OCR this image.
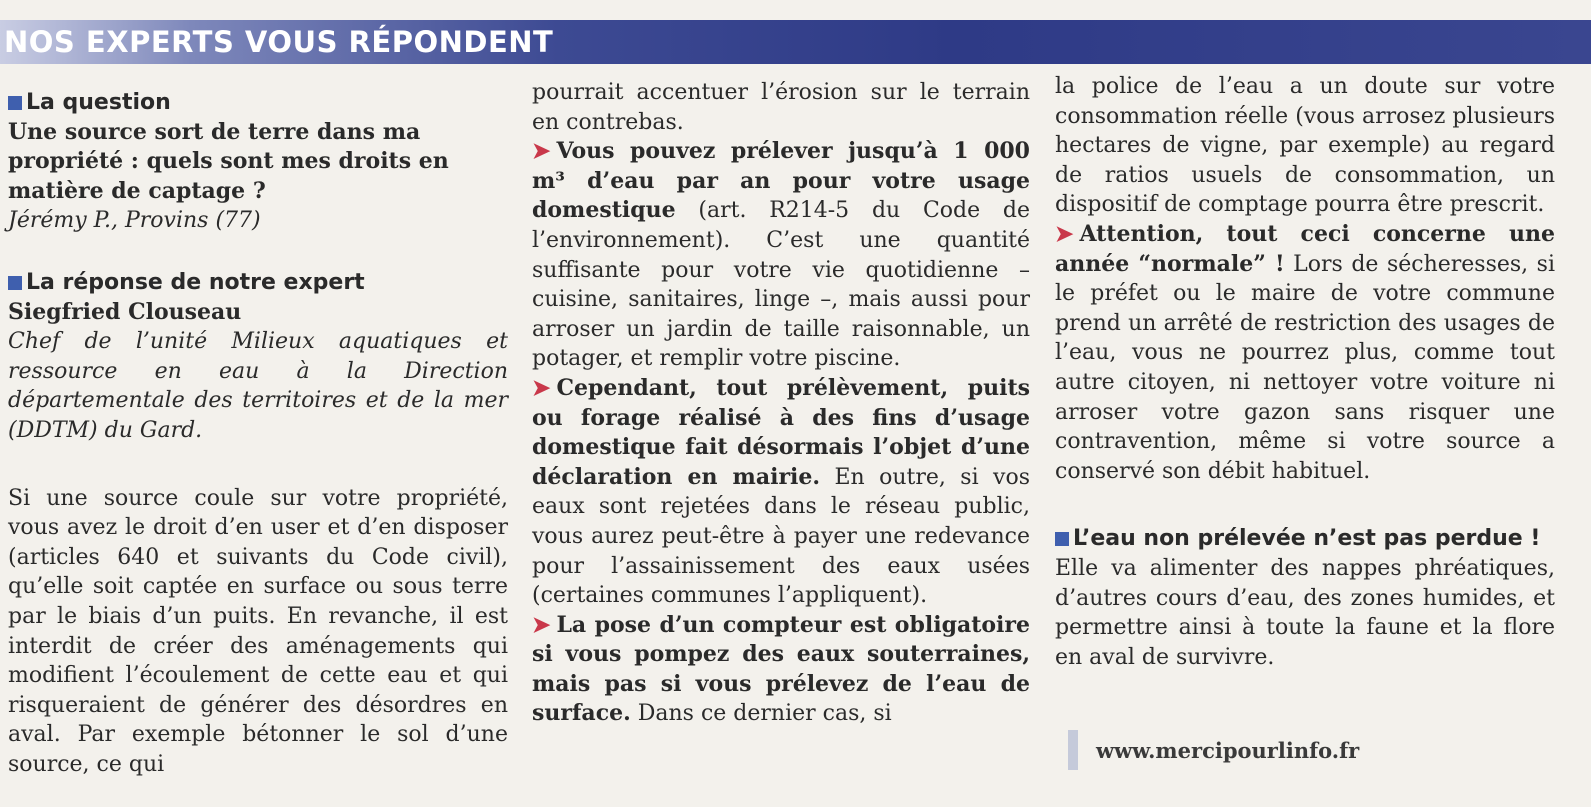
NOS EXPERTS VOUS RÉPONDENT
La question

Une source sort de terre dans ma propriété : quels sont mes droits en matière de captage ?

Jérémy P., Provins (77)

La réponse de notre expert

Siegfried Clouseau

Chef de l’unité Milieux aquatiques et ressource en eau à la Direction départementale des territoires et de la mer (DDTM) du Gard.

Si une source coule sur votre propriété, vous avez le droit d’en user et d’en disposer (articles 640 et suivants du Code civil), qu’elle soit captée en surface ou sous terre par le biais d’un puits. En revanche, il est interdit de créer des aménagements qui modifient l’écoulement de cette eau et qui risqueraient de générer des désordres en aval. Par exemple bétonner le sol d’une source, ce qui

pourrait accentuer l’érosion sur le terrain en contrebas.

➤ Vous pouvez prélever jusqu’à 1 000 m³ d’eau par an pour votre usage domestique (art. R214-5 du Code de l’environnement). C’est une quantité suffisante pour votre vie quotidienne – cuisine, sanitaires, linge –, mais aussi pour arroser un jardin de taille raisonnable, un potager, et remplir votre piscine.

➤ Cependant, tout prélèvement, puits ou forage réalisé à des fins d’usage domestique fait désormais l’objet d’une déclaration en mairie. En outre, si vos eaux sont rejetées dans le réseau public, vous aurez peut-être à payer une redevance pour l’assainissement des eaux usées (certaines communes l’appliquent).

➤ La pose d’un compteur est obligatoire si vous pompez des eaux souterraines, mais pas si vous prélevez de l’eau de surface. Dans ce dernier cas, si

la police de l’eau a un doute sur votre consommation réelle (vous arrosez plusieurs hectares de vigne, par exemple) au regard de ratios usuels de consommation, un dispositif de comptage pourra être prescrit.

➤ Attention, tout ceci concerne une année “normale” ! Lors de sécheresses, si le préfet ou le maire de votre commune prend un arrêté de restriction des usages de l’eau, vous ne pourrez plus, comme tout autre citoyen, ni nettoyer votre voiture ni arroser votre gazon sans risquer une contravention, même si votre source a conservé son débit habituel.

L’eau non prélevée n’est pas perdue !

Elle va alimenter des nappes phréatiques, d’autres cours d’eau, des zones humides, et permettre ainsi à toute la faune et la flore en aval de survivre.

www.mercipourlinfo.fr
